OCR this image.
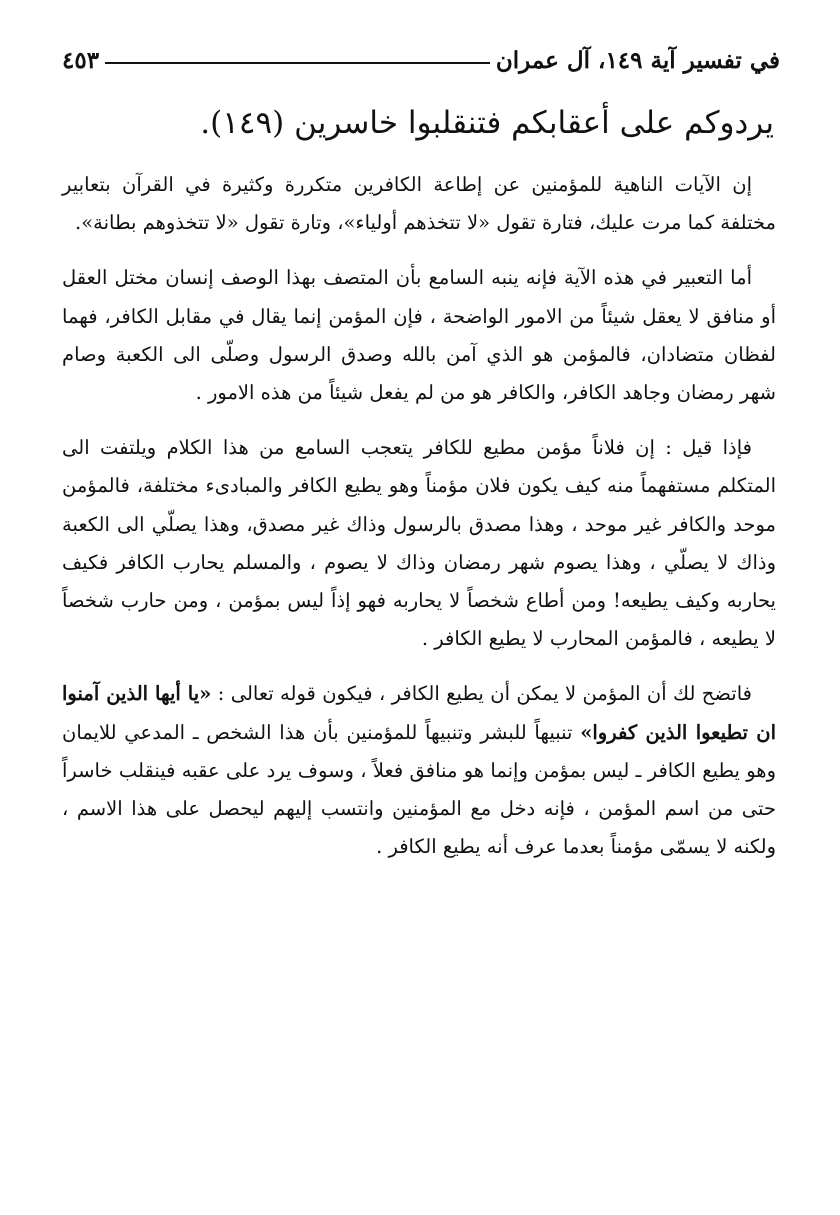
في تفسير آية ١٤٩، آل عمران
٤٥٣
يردوكم على أعقابكم فتنقلبوا خاسرين (١٤٩).

إن الآيات الناهية للمؤمنين عن إطاعة الكافرين متكررة وكثيرة في القرآن بتعابير مختلفة كما مرت عليك، فتارة تقول «لا تتخذهم أولياء»، وتارة تقول «لا تتخذوهم بطانة».

أما التعبير في هذه الآية فإنه ينبه السامع بأن المتصف بهذا الوصف إنسان مختل العقل أو منافق لا يعقل شيئاً من الامور الواضحة ، فإن المؤمن إنما يقال في مقابل الكافر، فهما لفظان متضادان، فالمؤمن هو الذي آمن بالله وصدق الرسول وصلّى الى الكعبة وصام شهر رمضان وجاهد الكافر، والكافر هو من لم يفعل شيئاً من هذه الامور .

فإذا قيل : إن فلاناً مؤمن مطيع للكافر يتعجب السامع من هذا الكلام ويلتفت الى المتكلم مستفهماً منه كيف يكون فلان مؤمناً وهو يطيع الكافر والمبادىء مختلفة، فالمؤمن موحد والكافر غير موحد ، وهذا مصدق بالرسول وذاك غير مصدق، وهذا يصلّي الى الكعبة وذاك لا يصلّي ، وهذا يصوم شهر رمضان وذاك لا يصوم ، والمسلم يحارب الكافر فكيف يحاربه وكيف يطيعه! ومن أطاع شخصاً لا يحاربه فهو إذاً ليس بمؤمن ، ومن حارب شخصاً لا يطيعه ، فالمؤمن المحارب لا يطيع الكافر .

فاتضح لك أن المؤمن لا يمكن أن يطيع الكافر ، فيكون قوله تعالى : «يا أيها الذين آمنوا ان تطيعوا الذين كفروا» تنبيهاً للبشر وتنبيهاً للمؤمنين بأن هذا الشخص ـ المدعي للايمان وهو يطيع الكافر ـ ليس بمؤمن وإنما هو منافق فعلاً ، وسوف يرد على عقبه فينقلب خاسراً حتى من اسم المؤمن ، فإنه دخل مع المؤمنين وانتسب إليهم ليحصل على هذا الاسم ، ولكنه لا يسمّى مؤمناً بعدما عرف أنه يطيع الكافر .
